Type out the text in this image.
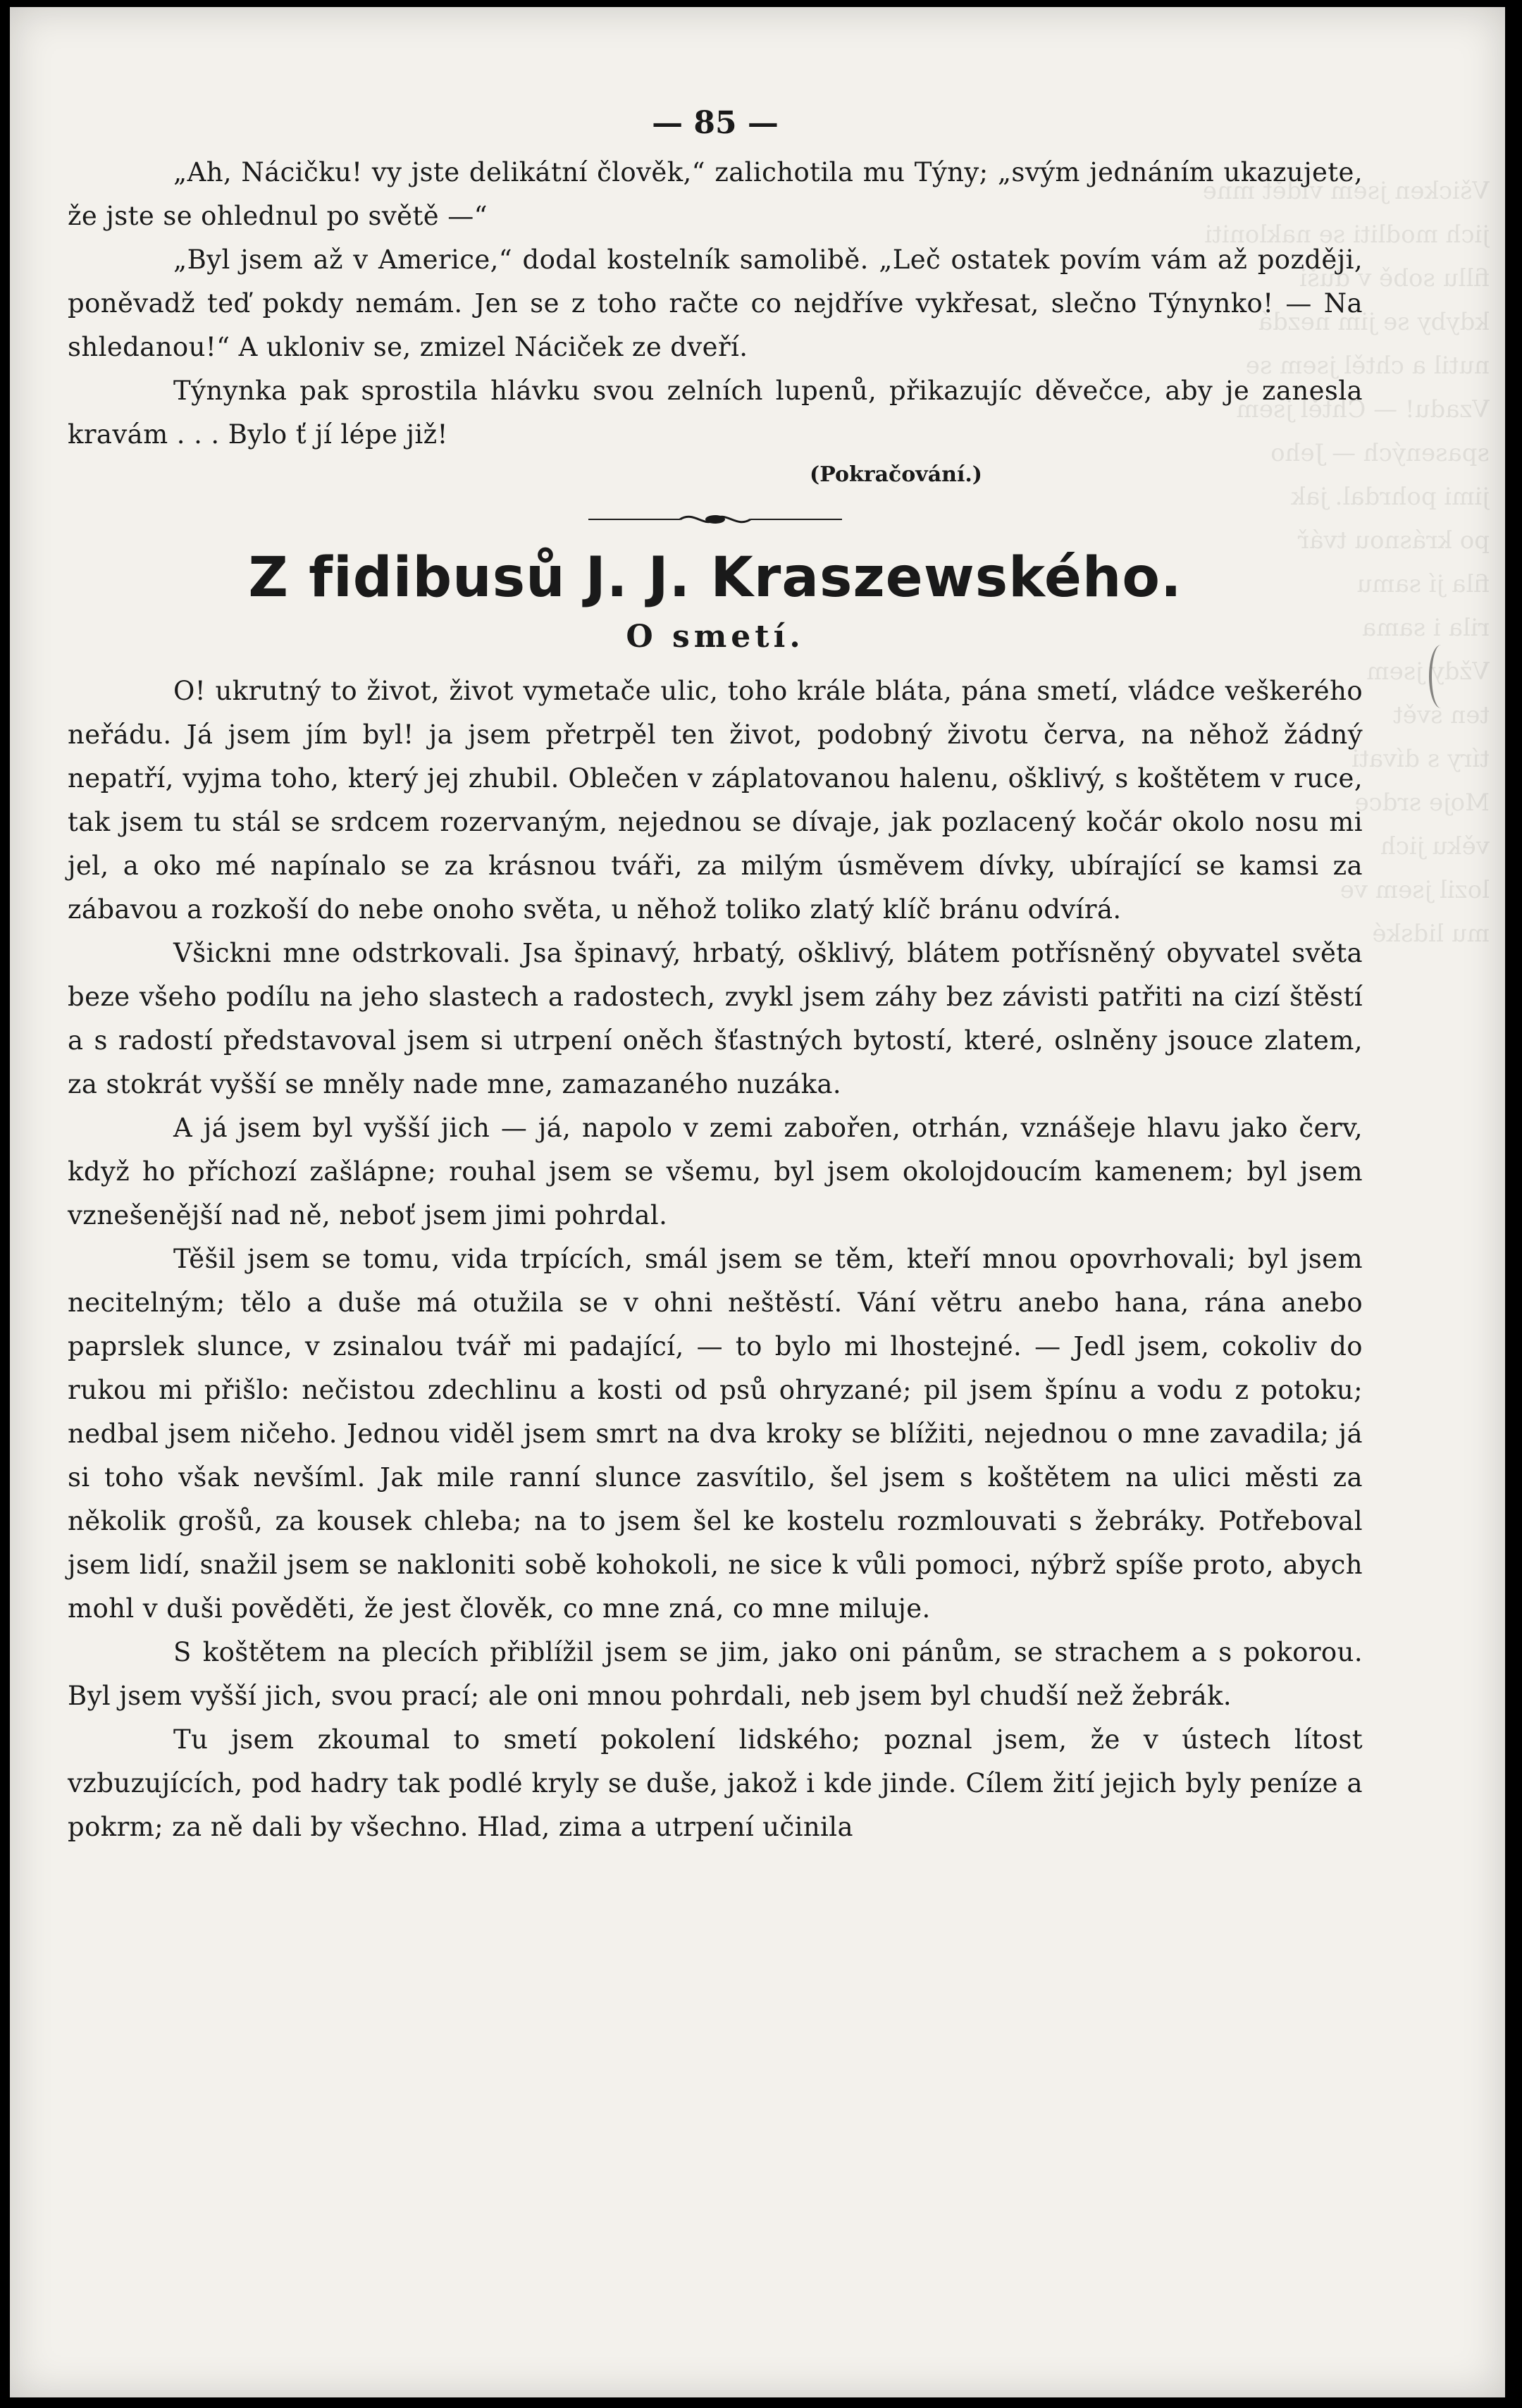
Všicken jsem vidět mne
jich modliti se nakloniti
fillu sobě v duši
kdyby se jim nezdá
nutil a chtěl jsem se
Vzadu! — Chtěl jsem
spasených — Jeho
jimi pohrdal. jak
po krásnou tvář
fila jí samu
rila i sama
Vždy jsem
ten svět
tíry s dívati
Moje srdce
věku jich
lozil jsem ve
mu lidské
— 85 —

„Ah, Nácičku! vy jste delikátní člověk,“ zalichotila mu Týny; „svým jednáním ukazujete, že jste se ohlednul po světě —“

„Byl jsem až v Americe,“ dodal kostelník samolibě. „Leč ostatek povím vám až později, poněvadž teď pokdy nemám. Jen se z toho račte co nejdříve vykřesat, slečno Týnynko! — Na shledanou!“ A ukloniv se, zmizel Náciček ze dveří.

Týnynka pak sprostila hlávku svou zelních lupenů, přikazujíc děvečce, aby je zanesla kravám . . . Bylo ť jí lépe již!

(Pokračování.)
Z fidibusů J. J. Kraszewského.
O smetí.

O! ukrutný to život, život vymetače ulic, toho krále bláta, pána smetí, vládce veškerého neřádu. Já jsem jím byl! ja jsem přetrpěl ten život, podobný životu červa, na něhož žádný nepatří, vyjma toho, který jej zhubil. Oblečen v záplatovanou halenu, ošklivý, s koštětem v ruce, tak jsem tu stál se srdcem rozervaným, nejednou se dívaje, jak pozlacený kočár okolo nosu mi jel, a oko mé napínalo se za krásnou tváři, za milým úsměvem dívky, ubírající se kamsi za zábavou a rozkoší do nebe onoho světa, u něhož toliko zlatý klíč bránu odvírá.

Všickni mne odstrkovali. Jsa špinavý, hrbatý, ošklivý, blátem potřísněný obyvatel světa beze všeho podílu na jeho slastech a radostech, zvykl jsem záhy bez závisti patřiti na cizí štěstí a s radostí představoval jsem si utrpení oněch šťastných bytostí, které, oslněny jsouce zlatem, za stokrát vyšší se mněly nade mne, zamazaného nuzáka.

A já jsem byl vyšší jich — já, napolo v zemi zabořen, otrhán, vznášeje hlavu jako červ, když ho příchozí zašlápne; rouhal jsem se všemu, byl jsem okolojdoucím kamenem; byl jsem vznešenější nad ně, neboť jsem jimi pohrdal.

Těšil jsem se tomu, vida trpících, smál jsem se těm, kteří mnou opovrhovali; byl jsem necitelným; tělo a duše má otužila se v ohni neštěstí. Vání větru anebo hana, rána anebo paprslek slunce, v zsinalou tvář mi padající, — to bylo mi lhostejné. — Jedl jsem, cokoliv do rukou mi přišlo: nečistou zdechlinu a kosti od psů ohryzané; pil jsem špínu a vodu z potoku; nedbal jsem ničeho. Jednou viděl jsem smrt na dva kroky se blížiti, nejednou o mne zavadila; já si toho však nevšíml. Jak mile ranní slunce zasvítilo, šel jsem s koštětem na ulici městi za několik grošů, za kousek chleba; na to jsem šel ke kostelu rozmlouvati s žebráky. Potřeboval jsem lidí, snažil jsem se nakloniti sobě kohokoli, ne sice k vůli pomoci, nýbrž spíše proto, abych mohl v duši pověděti, že jest člověk, co mne zná, co mne miluje.

S koštětem na plecích přiblížil jsem se jim, jako oni pánům, se strachem a s pokorou. Byl jsem vyšší jich, svou prací; ale oni mnou pohrdali, neb jsem byl chudší než žebrák.

Tu jsem zkoumal to smetí pokolení lidského; poznal jsem, že v ústech lítost vzbuzujících, pod hadry tak podlé kryly se duše, jakož i kde jinde. Cílem žití jejich byly peníze a pokrm; za ně dali by všechno. Hlad, zima a utrpení učinila
